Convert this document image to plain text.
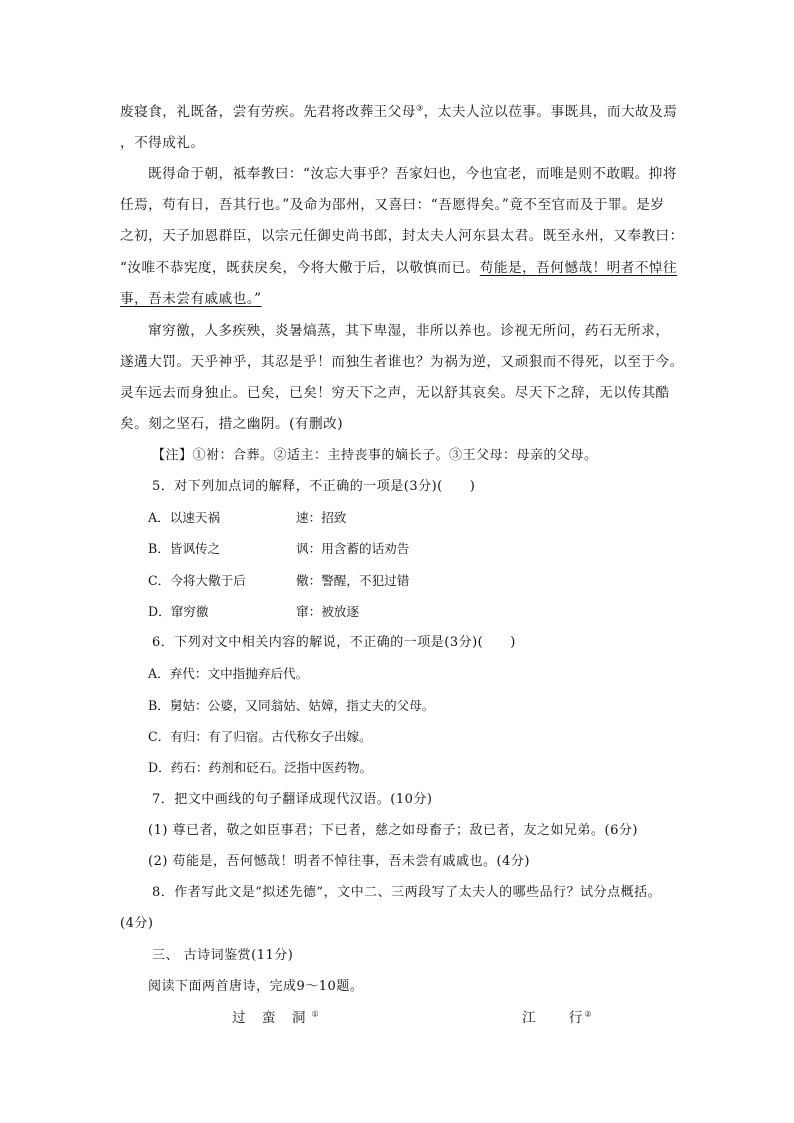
废寝食，礼既备，尝有劳疾。先君将改葬王父母③，太夫人泣以莅事。事既具，而大故及焉
，不得成礼。
既得命于朝，祗奉教曰：“汝忘大事乎？吾家妇也，今也宜老，而唯是则不敢暇。抑将
任焉，苟有日，吾其行也。”及命为邵州，又喜曰：“吾愿得矣。”竟不至官而及于罪。是岁
之初，天子加恩群臣，以宗元任御史尚书郎，封太夫人河东县太君。既至永州，又奉教曰：
“汝唯不恭宪度，既获戾矣，今将大儆于后，以敬慎而已。苟能是，吾何憾哉！明者不悼往
事，吾未尝有戚戚也。”
窜穷徼，人多疾殃，炎暑熇蒸，其下卑湿，非所以养也。诊视无所问，药石无所求，
遂遘大罚。天乎神乎，其忍是乎！而独生者谁也？为祸为逆，又顽狠而不得死，以至于今。
灵车远去而身独止。已矣，已矣！穷天下之声，无以舒其哀矣。尽天下之辞，无以传其酷
矣。刻之坚石，措之幽阴。(有删改)
【注】①祔：合葬。②适主：主持丧事的嫡长子。③王父母：母亲的父母。
5．对下列加点词的解释，不正确的一项是(3分)(　　)
A．以速天祸	速：招致
B．皆讽传之	讽：用含蓄的话劝告
C．今将大儆于后	儆：警醒，不犯过错
D．窜穷徼	窜：被放逐
6．下列对文中相关内容的解说，不正确的一项是(3分)(　　)
A．弃代：文中指抛弃后代。
B．舅姑：公婆，又同翁姑、姑嫜，指丈夫的父母。
C．有归：有了归宿。古代称女子出嫁。
D．药石：药剂和砭石。泛指中医药物。
7．把文中画线的句子翻译成现代汉语。(10分)
(1) 尊已者，敬之如臣事君；下已者，慈之如母畜子；敌已者，友之如兄弟。(6分)
(2) 苟能是，吾何憾哉！明者不悼往事，吾未尝有戚戚也。(4分)
8．作者写此文是“拟述先德”，文中二、三两段写了太夫人的哪些品行？试分点概括。
(4分)
三、 古诗词鉴赏(11分)
阅读下面两首唐诗，完成9～10题。
过 蛮 洞①	江　　行②
